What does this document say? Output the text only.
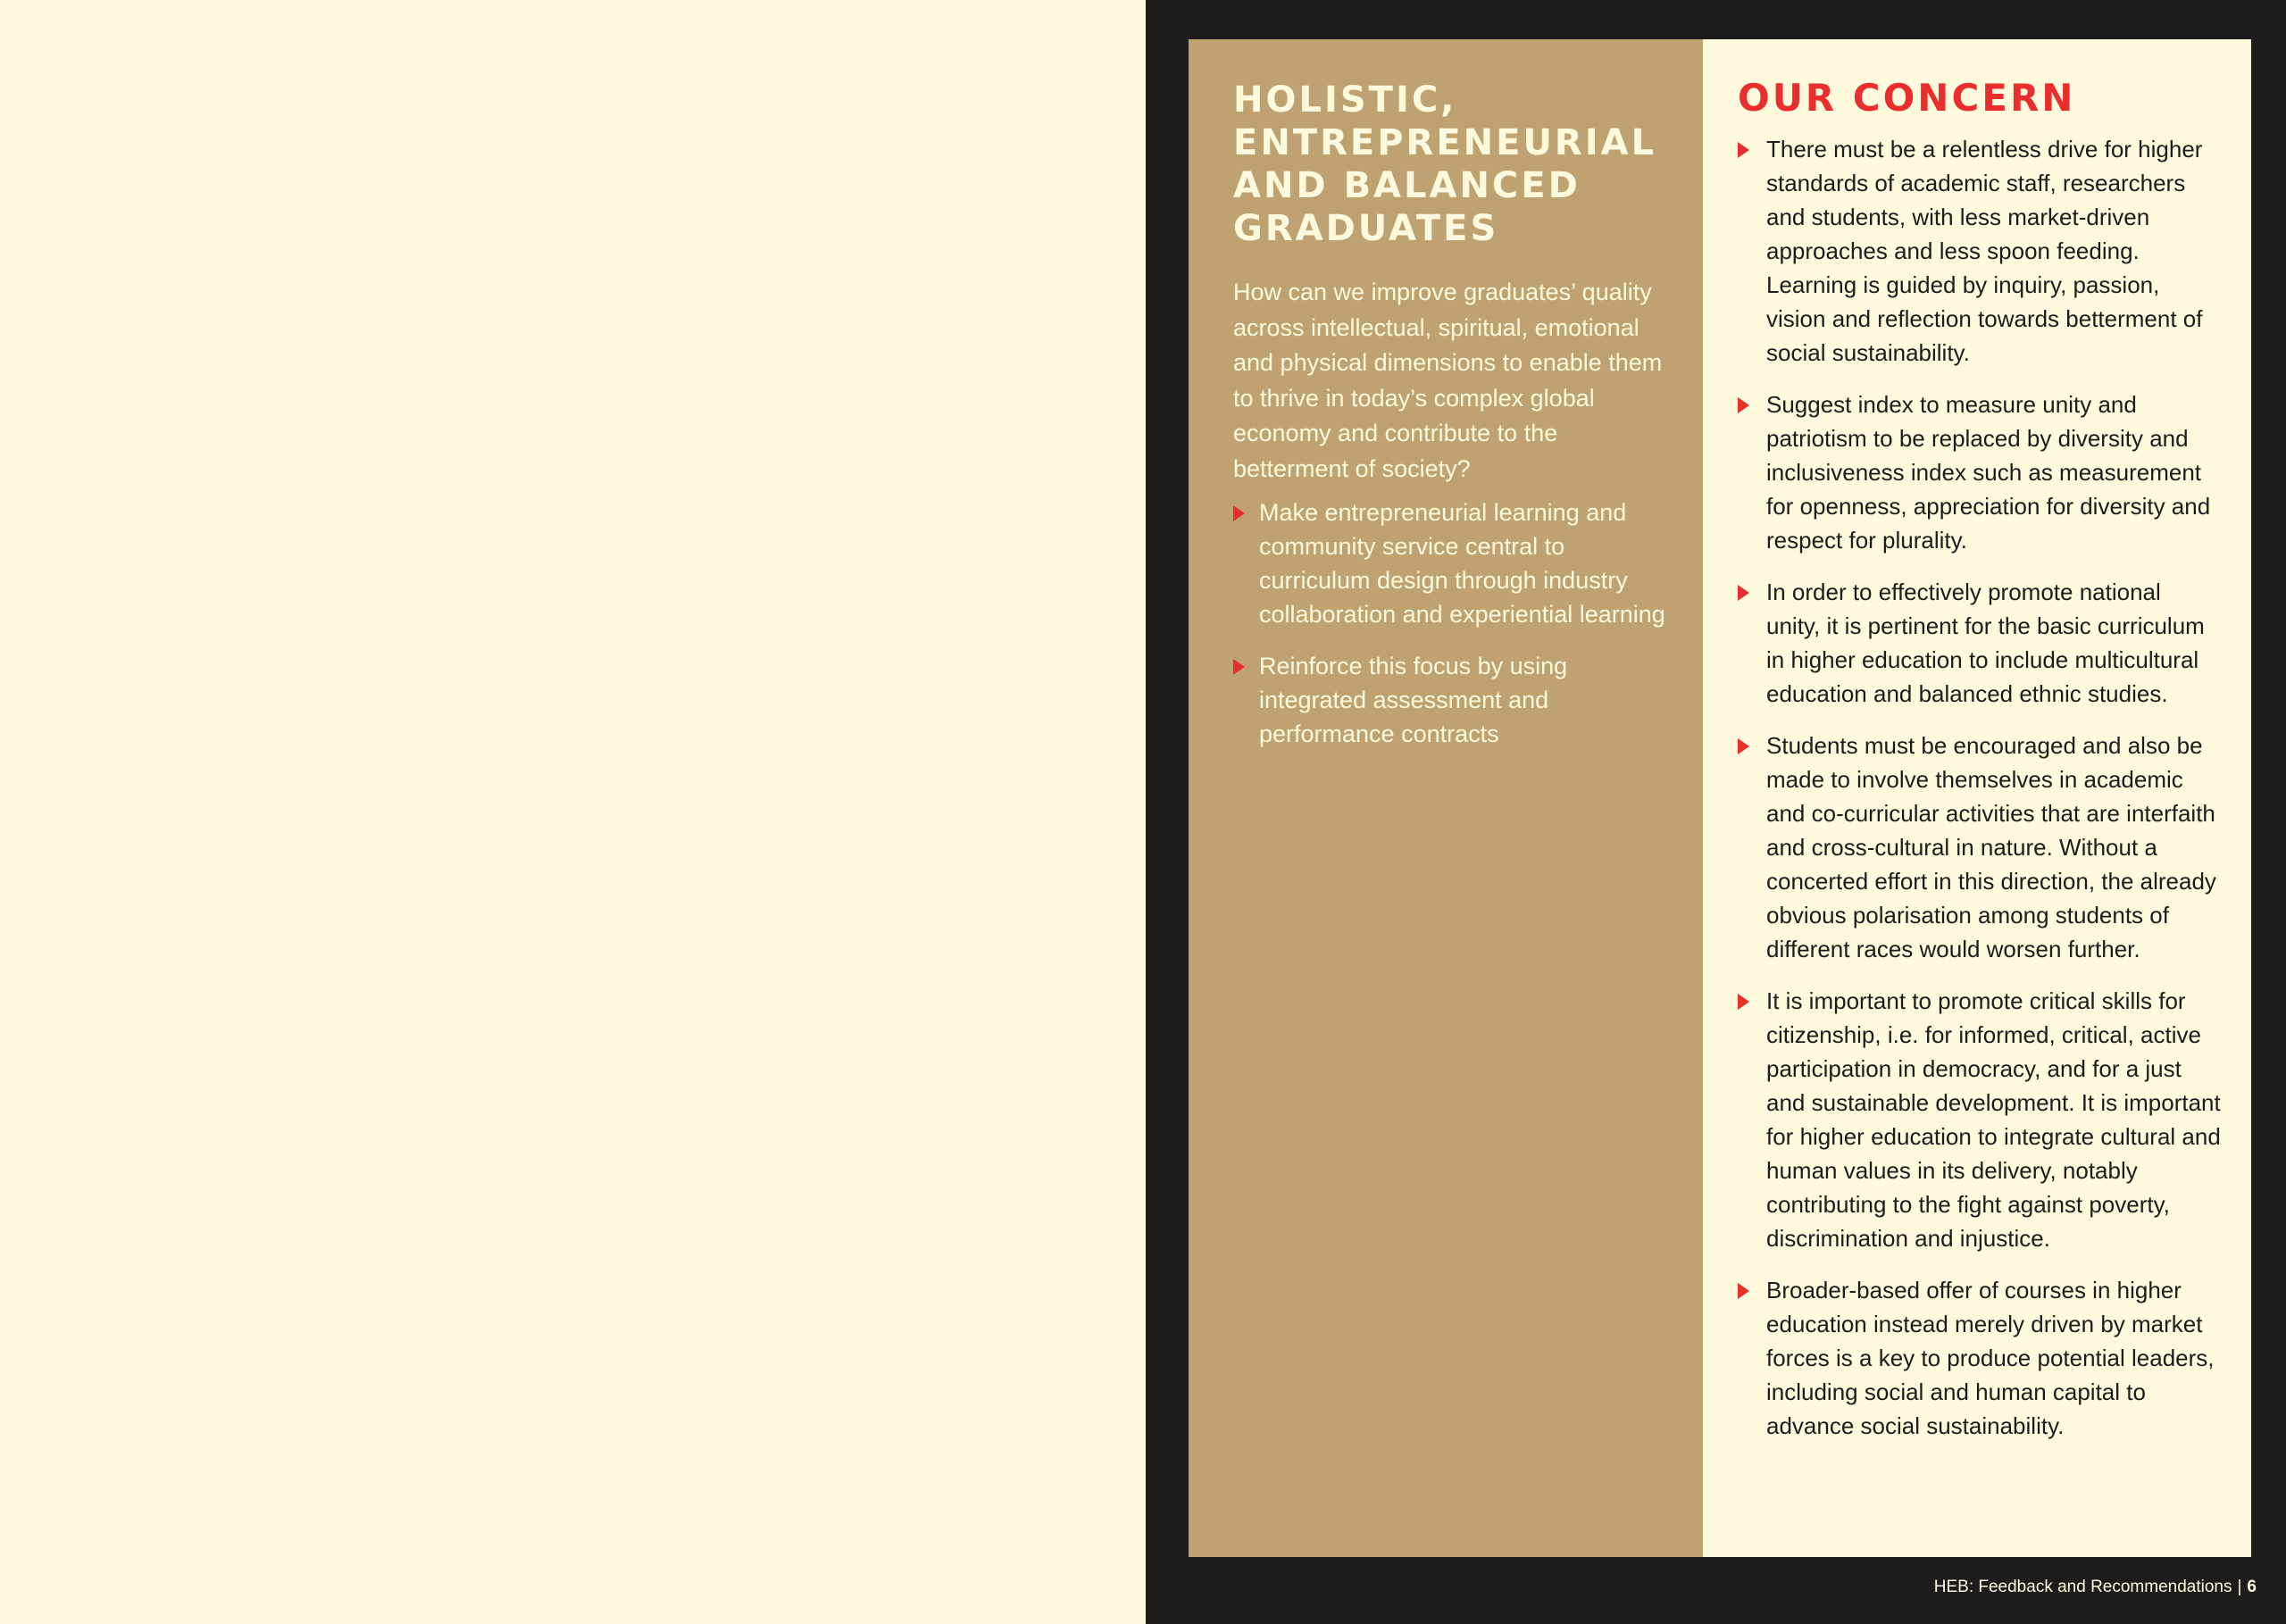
HOLISTIC,
ENTREPRENEURIAL
AND BALANCED
GRADUATES

How can we improve graduates’ quality across intellectual, spiritual, emotional and physical dimensions to enable them to thrive in today’s complex global economy and contribute to the betterment of society?

Make entrepreneurial learning and community service central to curriculum design through industry collaboration and experiential learning
Reinforce this focus by using integrated assessment and performance contracts
OUR CONCERN
There must be a relentless drive for higher standards of academic staff, researchers and students, with less market-driven approaches and less spoon feeding. Learning is guided by inquiry, passion, vision and reflection towards betterment of social sustainability.
Suggest index to measure unity and patriotism to be replaced by diversity and inclusiveness index such as measurement for openness, appreciation for diversity and respect for plurality.
In order to effectively promote national unity, it is pertinent for the basic curriculum in higher education to include multicultural education and balanced ethnic studies.
Students must be encouraged and also be made to involve themselves in academic and co-curricular activities that are interfaith and cross-cultural in nature. Without a concerted effort in this direction, the already obvious polarisation among students of different races would worsen further.
It is important to promote critical skills for citizenship, i.e. for informed, critical, active participation in democracy, and for a just and sustainable development. It is important for higher education to integrate cultural and human values in its delivery, notably contributing to the fight against poverty, discrimination and injustice.
Broader-based offer of courses in higher education instead merely driven by market forces is a key to produce potential leaders, including social and human capital to advance social sustainability.
HEB: Feedback and Recommendations | 6
